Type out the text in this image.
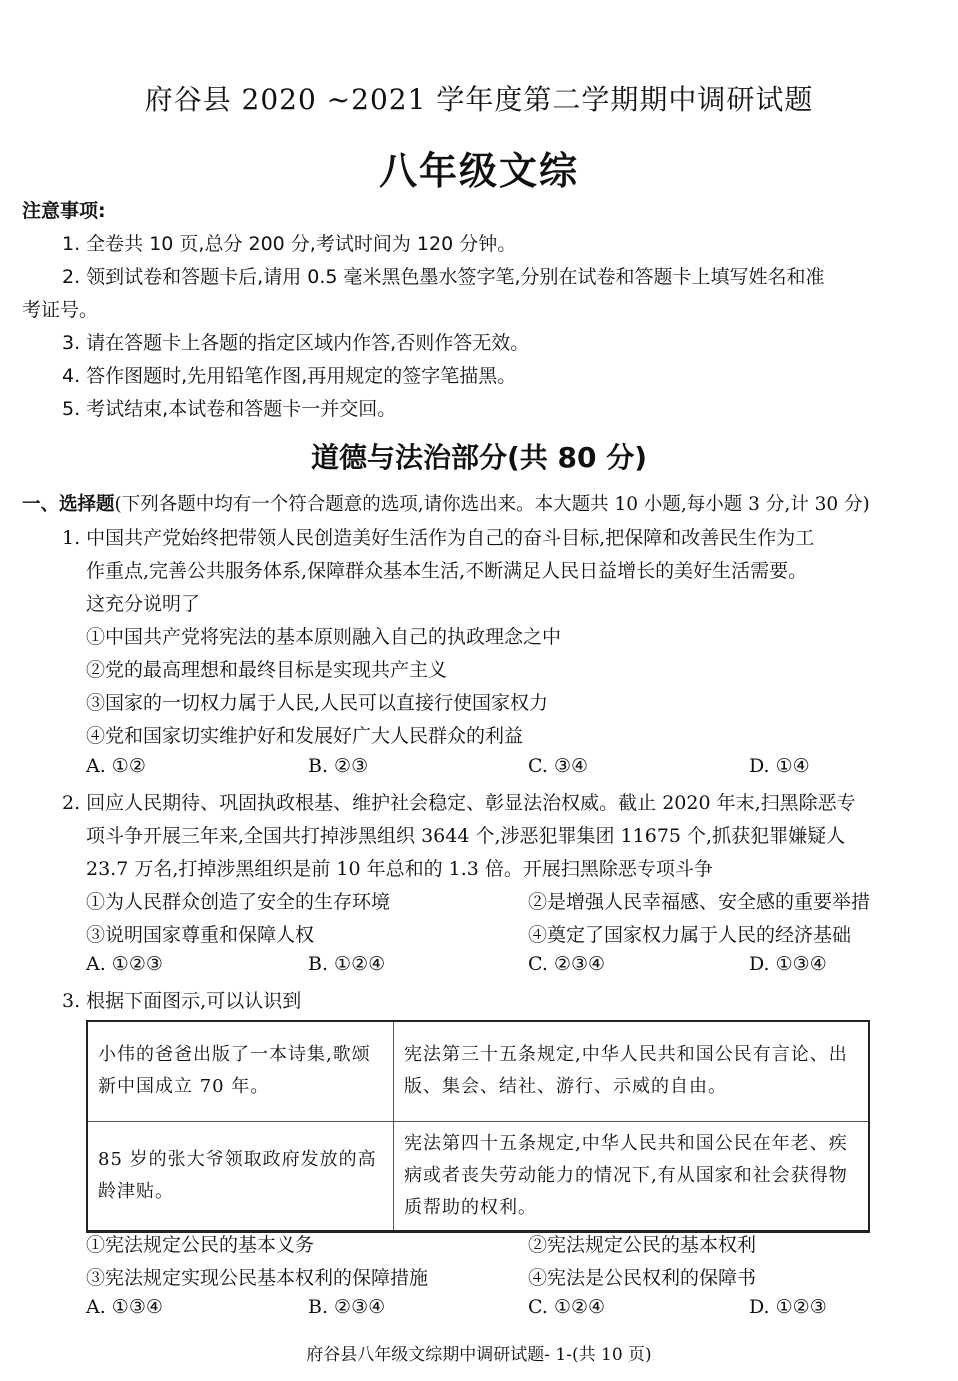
府谷县 2020 ~2021 学年度第二学期期中调研试题
八年级文综
注意事项:
1. 全卷共 10 页,总分 200 分,考试时间为 120 分钟。
2. 领到试卷和答题卡后,请用 0.5 毫米黑色墨水签字笔,分别在试卷和答题卡上填写姓名和准
考证号。
3. 请在答题卡上各题的指定区域内作答,否则作答无效。
4. 答作图题时,先用铅笔作图,再用规定的签字笔描黑。
5. 考试结束,本试卷和答题卡一并交回。
道德与法治部分(共 80 分)
一、选择题(下列各题中均有一个符合题意的选项,请你选出来。本大题共 10 小题,每小题 3 分,计 30 分)
1. 中国共产党始终把带领人民创造美好生活作为自己的奋斗目标,把保障和改善民生作为工
作重点,完善公共服务体系,保障群众基本生活,不断满足人民日益增长的美好生活需要。
这充分说明了
①中国共产党将宪法的基本原则融入自己的执政理念之中
②党的最高理想和最终目标是实现共产主义
③国家的一切权力属于人民,人民可以直接行使国家权力
④党和国家切实维护好和发展好广大人民群众的利益
A. ①②	B. ②③	C. ③④	D. ①④
2. 回应人民期待、巩固执政根基、维护社会稳定、彰显法治权威。截止 2020 年末,扫黑除恶专
项斗争开展三年来,全国共打掉涉黑组织 3644 个,涉恶犯罪集团 11675 个,抓获犯罪嫌疑人
23.7 万名,打掉涉黑组织是前 10 年总和的 1.3 倍。开展扫黑除恶专项斗争
①为人民群众创造了安全的生存环境	②是增强人民幸福感、安全感的重要举措
③说明国家尊重和保障人权	④奠定了国家权力属于人民的经济基础
A. ①②③	B. ①②④	C. ②③④	D. ①③④
3. 根据下面图示,可以认识到
小伟的爸爸出版了一本诗集,歌颂新中国成立 70 年。	宪法第三十五条规定,中华人民共和国公民有言论、出版、集会、结社、游行、示威的自由。
85 岁的张大爷领取政府发放的高龄津贴。	宪法第四十五条规定,中华人民共和国公民在年老、疾病或者丧失劳动能力的情况下,有从国家和社会获得物质帮助的权利。
①宪法规定公民的基本义务	②宪法规定公民的基本权利
③宪法规定实现公民基本权利的保障措施	④宪法是公民权利的保障书
A. ①③④	B. ②③④	C. ①②④	D. ①②③
府谷县八年级文综期中调研试题- 1-(共 10 页)
